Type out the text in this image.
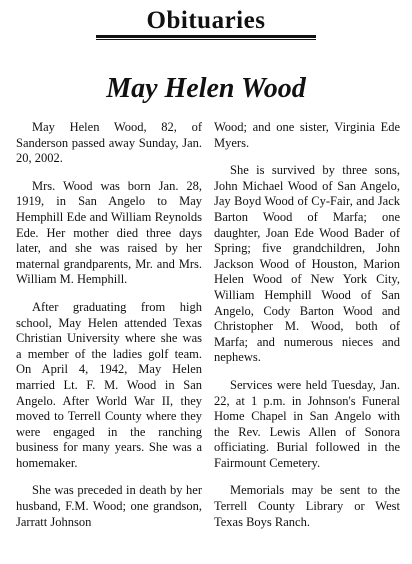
Obituaries
May Helen Wood

May Helen Wood, 82, of Sanderson passed away Sunday, Jan. 20, 2002.

Mrs. Wood was born Jan. 28, 1919, in San Angelo to May Hemphill Ede and William Reynolds Ede. Her mother died three days later, and she was raised by her maternal grandparents, Mr. and Mrs. William M. Hemphill.

After graduating from high school, May Helen attended Texas Christian University where she was a member of the ladies golf team. On April 4, 1942, May Helen married Lt. F. M. Wood in San Angelo. After World War II, they moved to Terrell County where they were engaged in the ranching business for many years. She was a homemaker.

She was preceded in death by her husband, F.M. Wood; one grandson, Jarratt Johnson

Wood; and one sister, Virginia Ede Myers.

She is survived by three sons, John Michael Wood of San Angelo, Jay Boyd Wood of Cy-Fair, and Jack Barton Wood of Marfa; one daughter, Joan Ede Wood Bader of Spring; five grandchildren, John Jackson Wood of Houston, Marion Helen Wood of New York City, William Hemphill Wood of San Angelo, Cody Barton Wood and Christopher M. Wood, both of Marfa; and numerous nieces and nephews.

Services were held Tuesday, Jan. 22, at 1 p.m. in Johnson's Funeral Home Chapel in San Angelo with the Rev. Lewis Allen of Sonora officiating. Burial followed in the Fairmount Cemetery.

Memorials may be sent to the Terrell County Library or West Texas Boys Ranch.
